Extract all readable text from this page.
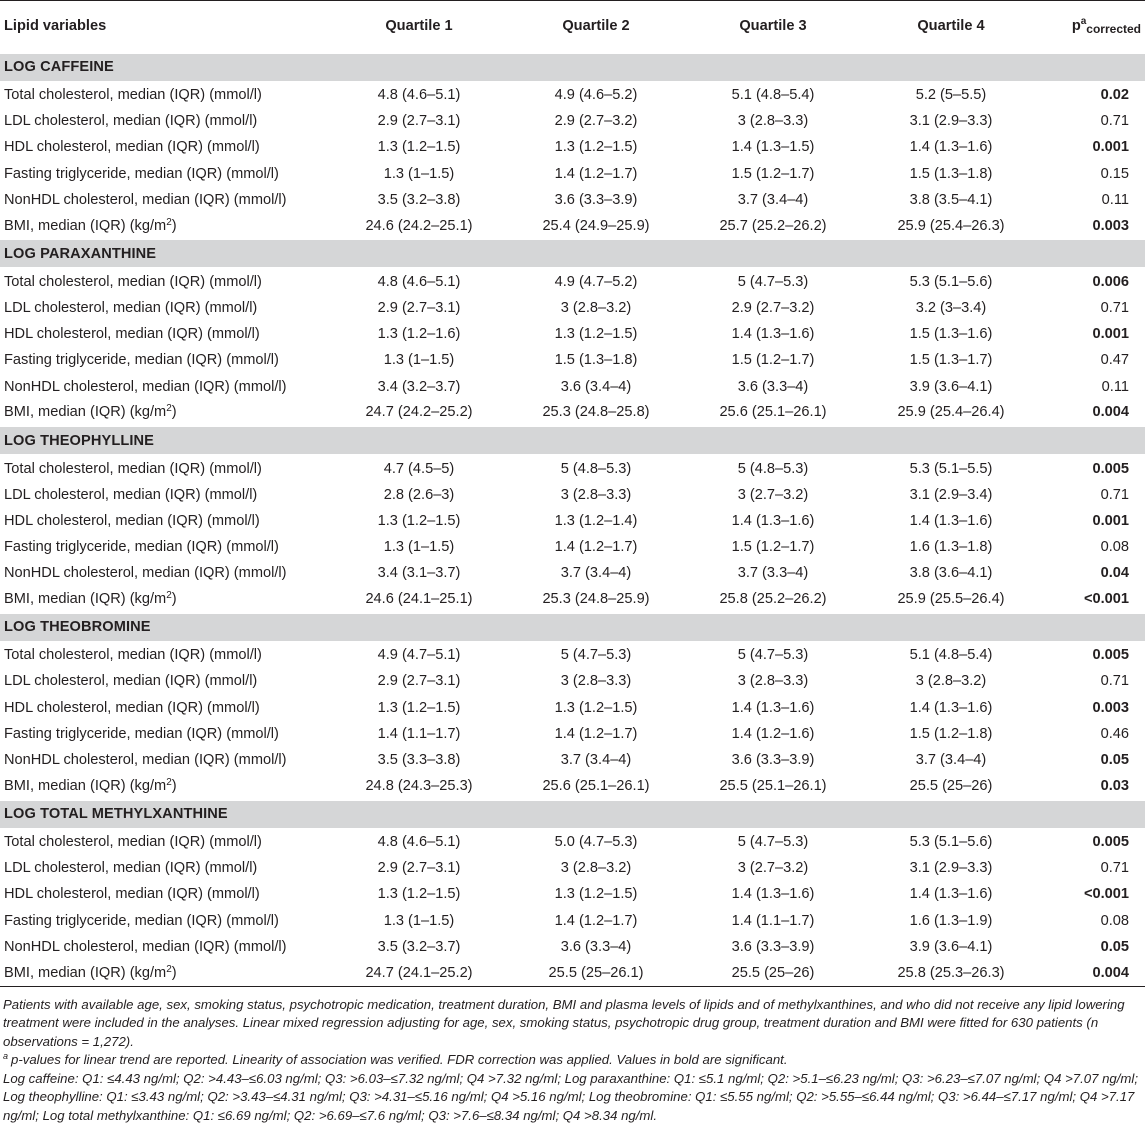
Lipid variables	Quartile 1	Quartile 2	Quartile 3	Quartile 4	$p^a_{corrected}$
LOG CAFFEINE					
Total cholesterol, median (IQR) (mmol/l)	4.8 (4.6–5.1)	4.9 (4.6–5.2)	5.1 (4.8–5.4)	5.2 (5–5.5)	0.02
LDL cholesterol, median (IQR) (mmol/l)	2.9 (2.7–3.1)	2.9 (2.7–3.2)	3 (2.8–3.3)	3.1 (2.9–3.3)	0.71
HDL cholesterol, median (IQR) (mmol/l)	1.3 (1.2–1.5)	1.3 (1.2–1.5)	1.4 (1.3–1.5)	1.4 (1.3–1.6)	0.001
Fasting triglyceride, median (IQR) (mmol/l)	1.3 (1–1.5)	1.4 (1.2–1.7)	1.5 (1.2–1.7)	1.5 (1.3–1.8)	0.15
NonHDL cholesterol, median (IQR) (mmol/l)	3.5 (3.2–3.8)	3.6 (3.3–3.9)	3.7 (3.4–4)	3.8 (3.5–4.1)	0.11
BMI, median (IQR) $(kg/m^2)$	24.6 (24.2–25.1)	25.4 (24.9–25.9)	25.7 (25.2–26.2)	25.9 (25.4–26.3)	0.003
LOG PARAXANTHINE					
Total cholesterol, median (IQR) (mmol/l)	4.8 (4.6–5.1)	4.9 (4.7–5.2)	5 (4.7–5.3)	5.3 (5.1–5.6)	0.006
LDL cholesterol, median (IQR) (mmol/l)	2.9 (2.7–3.1)	3 (2.8–3.2)	2.9 (2.7–3.2)	3.2 (3–3.4)	0.71
HDL cholesterol, median (IQR) (mmol/l)	1.3 (1.2–1.6)	1.3 (1.2–1.5)	1.4 (1.3–1.6)	1.5 (1.3–1.6)	0.001
Fasting triglyceride, median (IQR) (mmol/l)	1.3 (1–1.5)	1.5 (1.3–1.8)	1.5 (1.2–1.7)	1.5 (1.3–1.7)	0.47
NonHDL cholesterol, median (IQR) (mmol/l)	3.4 (3.2–3.7)	3.6 (3.4–4)	3.6 (3.3–4)	3.9 (3.6–4.1)	0.11
BMI, median (IQR) $(kg/m^2)$	24.7 (24.2–25.2)	25.3 (24.8–25.8)	25.6 (25.1–26.1)	25.9 (25.4–26.4)	0.004
LOG THEOPHYLLINE					
Total cholesterol, median (IQR) (mmol/l)	4.7 (4.5–5)	5 (4.8–5.3)	5 (4.8–5.3)	5.3 (5.1–5.5)	0.005
LDL cholesterol, median (IQR) (mmol/l)	2.8 (2.6–3)	3 (2.8–3.3)	3 (2.7–3.2)	3.1 (2.9–3.4)	0.71
HDL cholesterol, median (IQR) (mmol/l)	1.3 (1.2–1.5)	1.3 (1.2–1.4)	1.4 (1.3–1.6)	1.4 (1.3–1.6)	0.001
Fasting triglyceride, median (IQR) (mmol/l)	1.3 (1–1.5)	1.4 (1.2–1.7)	1.5 (1.2–1.7)	1.6 (1.3–1.8)	0.08
NonHDL cholesterol, median (IQR) (mmol/l)	3.4 (3.1–3.7)	3.7 (3.4–4)	3.7 (3.3–4)	3.8 (3.6–4.1)	0.04
BMI, median (IQR) $(kg/m^2)$	24.6 (24.1–25.1)	25.3 (24.8–25.9)	25.8 (25.2–26.2)	25.9 (25.5–26.4)	<0.001
LOG THEOBROMINE					
Total cholesterol, median (IQR) (mmol/l)	4.9 (4.7–5.1)	5 (4.7–5.3)	5 (4.7–5.3)	5.1 (4.8–5.4)	0.005
LDL cholesterol, median (IQR) (mmol/l)	2.9 (2.7–3.1)	3 (2.8–3.3)	3 (2.8–3.3)	3 (2.8–3.2)	0.71
HDL cholesterol, median (IQR) (mmol/l)	1.3 (1.2–1.5)	1.3 (1.2–1.5)	1.4 (1.3–1.6)	1.4 (1.3–1.6)	0.003
Fasting triglyceride, median (IQR) (mmol/l)	1.4 (1.1–1.7)	1.4 (1.2–1.7)	1.4 (1.2–1.6)	1.5 (1.2–1.8)	0.46
NonHDL cholesterol, median (IQR) (mmol/l)	3.5 (3.3–3.8)	3.7 (3.4–4)	3.6 (3.3–3.9)	3.7 (3.4–4)	0.05
BMI, median (IQR) $(kg/m^2)$	24.8 (24.3–25.3)	25.6 (25.1–26.1)	25.5 (25.1–26.1)	25.5 (25–26)	0.03
LOG TOTAL METHYLXANTHINE					
Total cholesterol, median (IQR) (mmol/l)	4.8 (4.6–5.1)	5.0 (4.7–5.3)	5 (4.7–5.3)	5.3 (5.1–5.6)	0.005
LDL cholesterol, median (IQR) (mmol/l)	2.9 (2.7–3.1)	3 (2.8–3.2)	3 (2.7–3.2)	3.1 (2.9–3.3)	0.71
HDL cholesterol, median (IQR) (mmol/l)	1.3 (1.2–1.5)	1.3 (1.2–1.5)	1.4 (1.3–1.6)	1.4 (1.3–1.6)	<0.001
Fasting triglyceride, median (IQR) (mmol/l)	1.3 (1–1.5)	1.4 (1.2–1.7)	1.4 (1.1–1.7)	1.6 (1.3–1.9)	0.08
NonHDL cholesterol, median (IQR) (mmol/l)	3.5 (3.2–3.7)	3.6 (3.3–4)	3.6 (3.3–3.9)	3.9 (3.6–4.1)	0.05
BMI, median (IQR) $(kg/m^2)$	24.7 (24.1–25.2)	25.5 (25–26.1)	25.5 (25–26)	25.8 (25.3–26.3)	0.004

Patients with available age, sex, smoking status, psychotropic medication, treatment duration, BMI and plasma levels of lipids and of methylxanthines, and who did not receive any lipid lowering treatment were included in the analyses. Linear mixed regression adjusting for age, sex, smoking status, psychotropic drug group, treatment duration and BMI were fitted for 630 patients (n observations = 1,272).

$^a$ p-values for linear trend are reported. Linearity of association was verified. FDR correction was applied. Values in bold are significant.

Log caffeine: Q1: ≤4.43 ng/ml; Q2: >4.43–≤6.03 ng/ml; Q3: >6.03–≤7.32 ng/ml; Q4 >7.32 ng/ml; Log paraxanthine: Q1: ≤5.1 ng/ml; Q2: >5.1–≤6.23 ng/ml; Q3: >6.23–≤7.07 ng/ml; Q4 >7.07 ng/ml; Log theophylline: Q1: ≤3.43 ng/ml; Q2: >3.43–≤4.31 ng/ml; Q3: >4.31–≤5.16 ng/ml; Q4 >5.16 ng/ml; Log theobromine: Q1: ≤5.55 ng/ml; Q2: >5.55–≤6.44 ng/ml; Q3: >6.44–≤7.17 ng/ml; Q4 >7.17 ng/ml; Log total methylxanthine: Q1: ≤6.69 ng/ml; Q2: >6.69–≤7.6 ng/ml; Q3: >7.6–≤8.34 ng/ml; Q4 >8.34 ng/ml.
